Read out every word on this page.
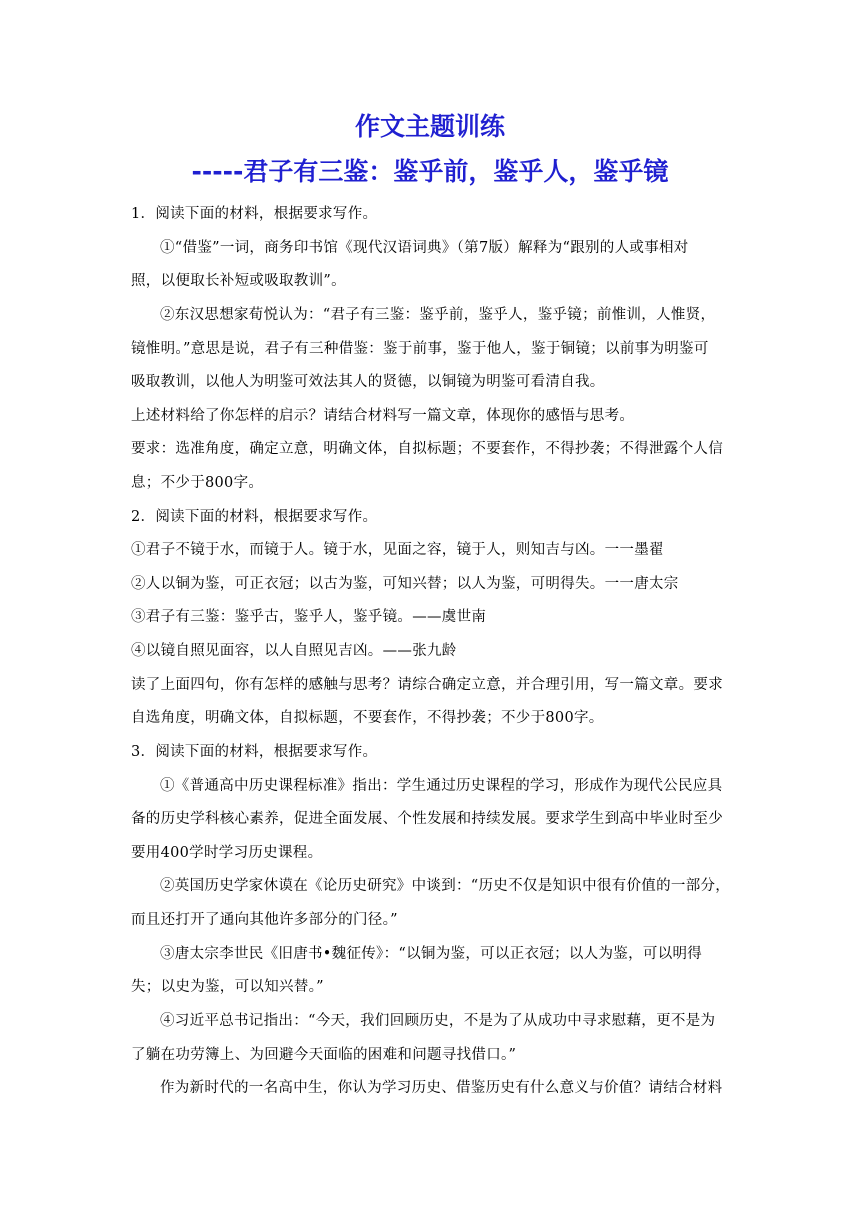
作文主题训练
-----君子有三鉴：鉴乎前，鉴乎人，鉴乎镜
1．阅读下面的材料，根据要求写作。
①“借鉴”一词，商务印书馆《现代汉语词典》（第7版）解释为“跟别的人或事相对
照，以便取长补短或吸取教训”。
②东汉思想家荀悦认为：“君子有三鉴：鉴乎前，鉴乎人，鉴乎镜；前惟训，人惟贤，
镜惟明。”意思是说，君子有三种借鉴：鉴于前事，鉴于他人，鉴于铜镜；以前事为明鉴可
吸取教训，以他人为明鉴可效法其人的贤德，以铜镜为明鉴可看清自我。
上述材料给了你怎样的启示？请结合材料写一篇文章，体现你的感悟与思考。
要求：选准角度，确定立意，明确文体，自拟标题；不要套作，不得抄袭；不得泄露个人信
息；不少于800字。
2．阅读下面的材料，根据要求写作。
①君子不镜于水，而镜于人。镜于水，见面之容，镜于人，则知吉与凶。一一墨翟
②人以铜为鉴，可正衣冠；以古为鉴，可知兴替；以人为鉴，可明得失。一一唐太宗
③君子有三鉴：鉴乎古，鉴乎人，鉴乎镜。——虞世南
④以镜自照见面容，以人自照见吉凶。——张九龄
读了上面四句，你有怎样的感触与思考？请综合确定立意，并合理引用，写一篇文章。要求
自选角度，明确文体，自拟标题，不要套作，不得抄袭；不少于800字。
3．阅读下面的材料，根据要求写作。
①《普通高中历史课程标准》指出：学生通过历史课程的学习，形成作为现代公民应具
备的历史学科核心素养，促进全面发展、个性发展和持续发展。要求学生到高中毕业时至少
要用400学时学习历史课程。
②英国历史学家休谟在《论历史研究》中谈到：“历史不仅是知识中很有价值的一部分，
而且还打开了通向其他许多部分的门径。”
③唐太宗李世民《旧唐书•魏征传》：“以铜为鉴，可以正衣冠；以人为鉴，可以明得
失；以史为鉴，可以知兴替。”
④习近平总书记指出：“今天，我们回顾历史，不是为了从成功中寻求慰藉，更不是为
了躺在功劳簿上、为回避今天面临的困难和问题寻找借口。”
作为新时代的一名高中生，你认为学习历史、借鉴历史有什么意义与价值？请结合材料
